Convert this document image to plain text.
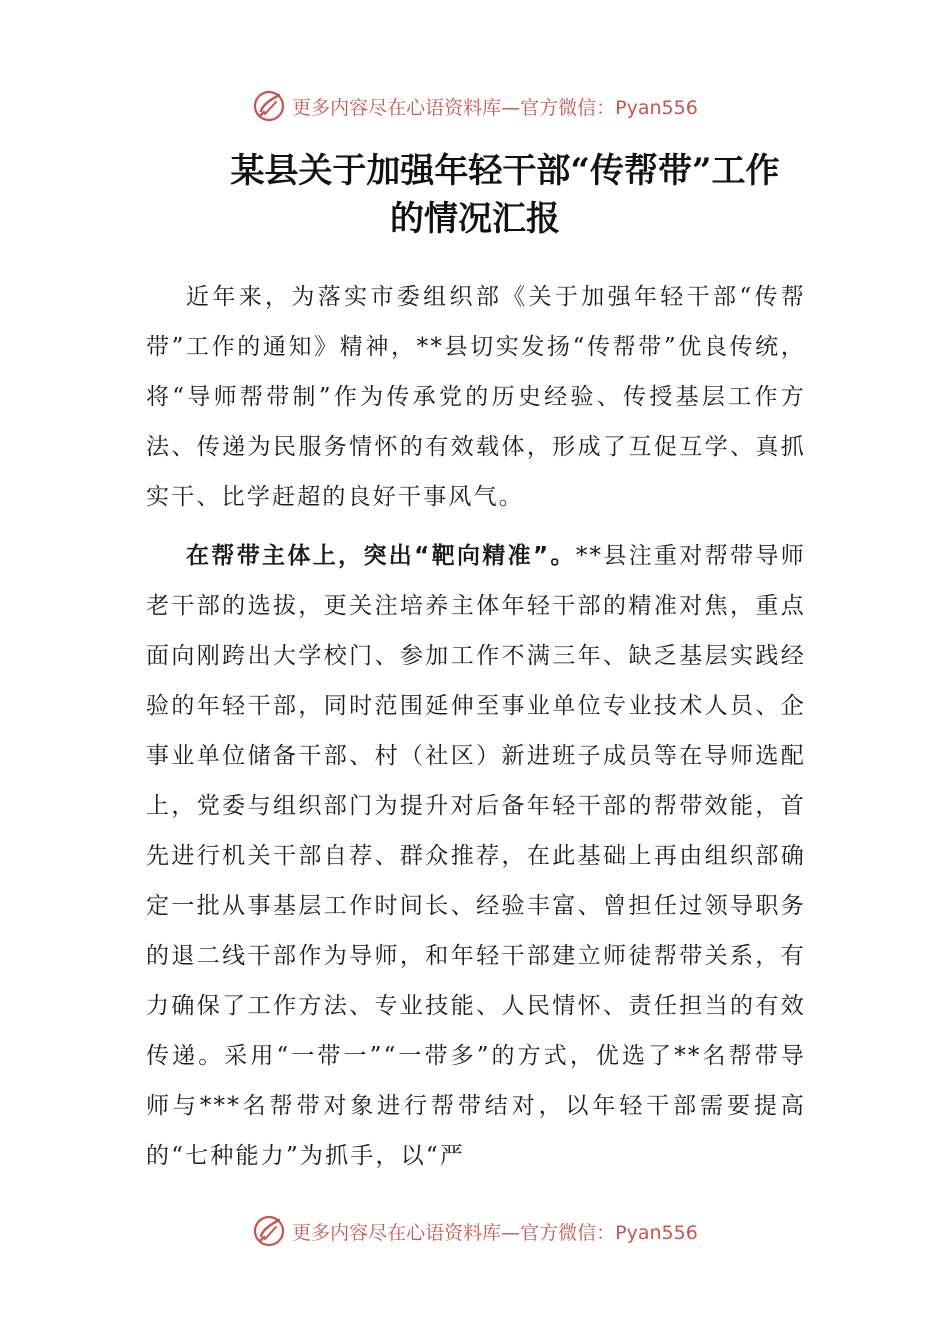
更多内容尽在心语资料库—官方微信：Pyan556
某县关于加强年轻干部“传帮带”工作
的情况汇报
近年来，为落实市委组织部《关于加强年轻干部“传帮带”工作的通知》精神，**县切实发扬“传帮带”优良传统，将“导师帮带制”作为传承党的历史经验、传授基层工作方法、传递为民服务情怀的有效载体，形成了互促互学、真抓实干、比学赶超的良好干事风气。
在帮带主体上，突出“靶向精准”。**县注重对帮带导师老干部的选拔，更关注培养主体年轻干部的精准对焦，重点面向刚跨出大学校门、参加工作不满三年、缺乏基层实践经验的年轻干部，同时范围延伸至事业单位专业技术人员、企事业单位储备干部、村（社区）新进班子成员等在导师选配上，党委与组织部门为提升对后备年轻干部的帮带效能，首先进行机关干部自荐、群众推荐，在此基础上再由组织部确定一批从事基层工作时间长、经验丰富、曾担任过领导职务的退二线干部作为导师，和年轻干部建立师徒帮带关系，有力确保了工作方法、专业技能、人民情怀、责任担当的有效传递。采用“一带一”“一带多”的方式，优选了**名帮带导师与***名帮带对象进行帮带结对，以年轻干部需要提高的“七种能力”为抓手，以“严
更多内容尽在心语资料库—官方微信：Pyan556
